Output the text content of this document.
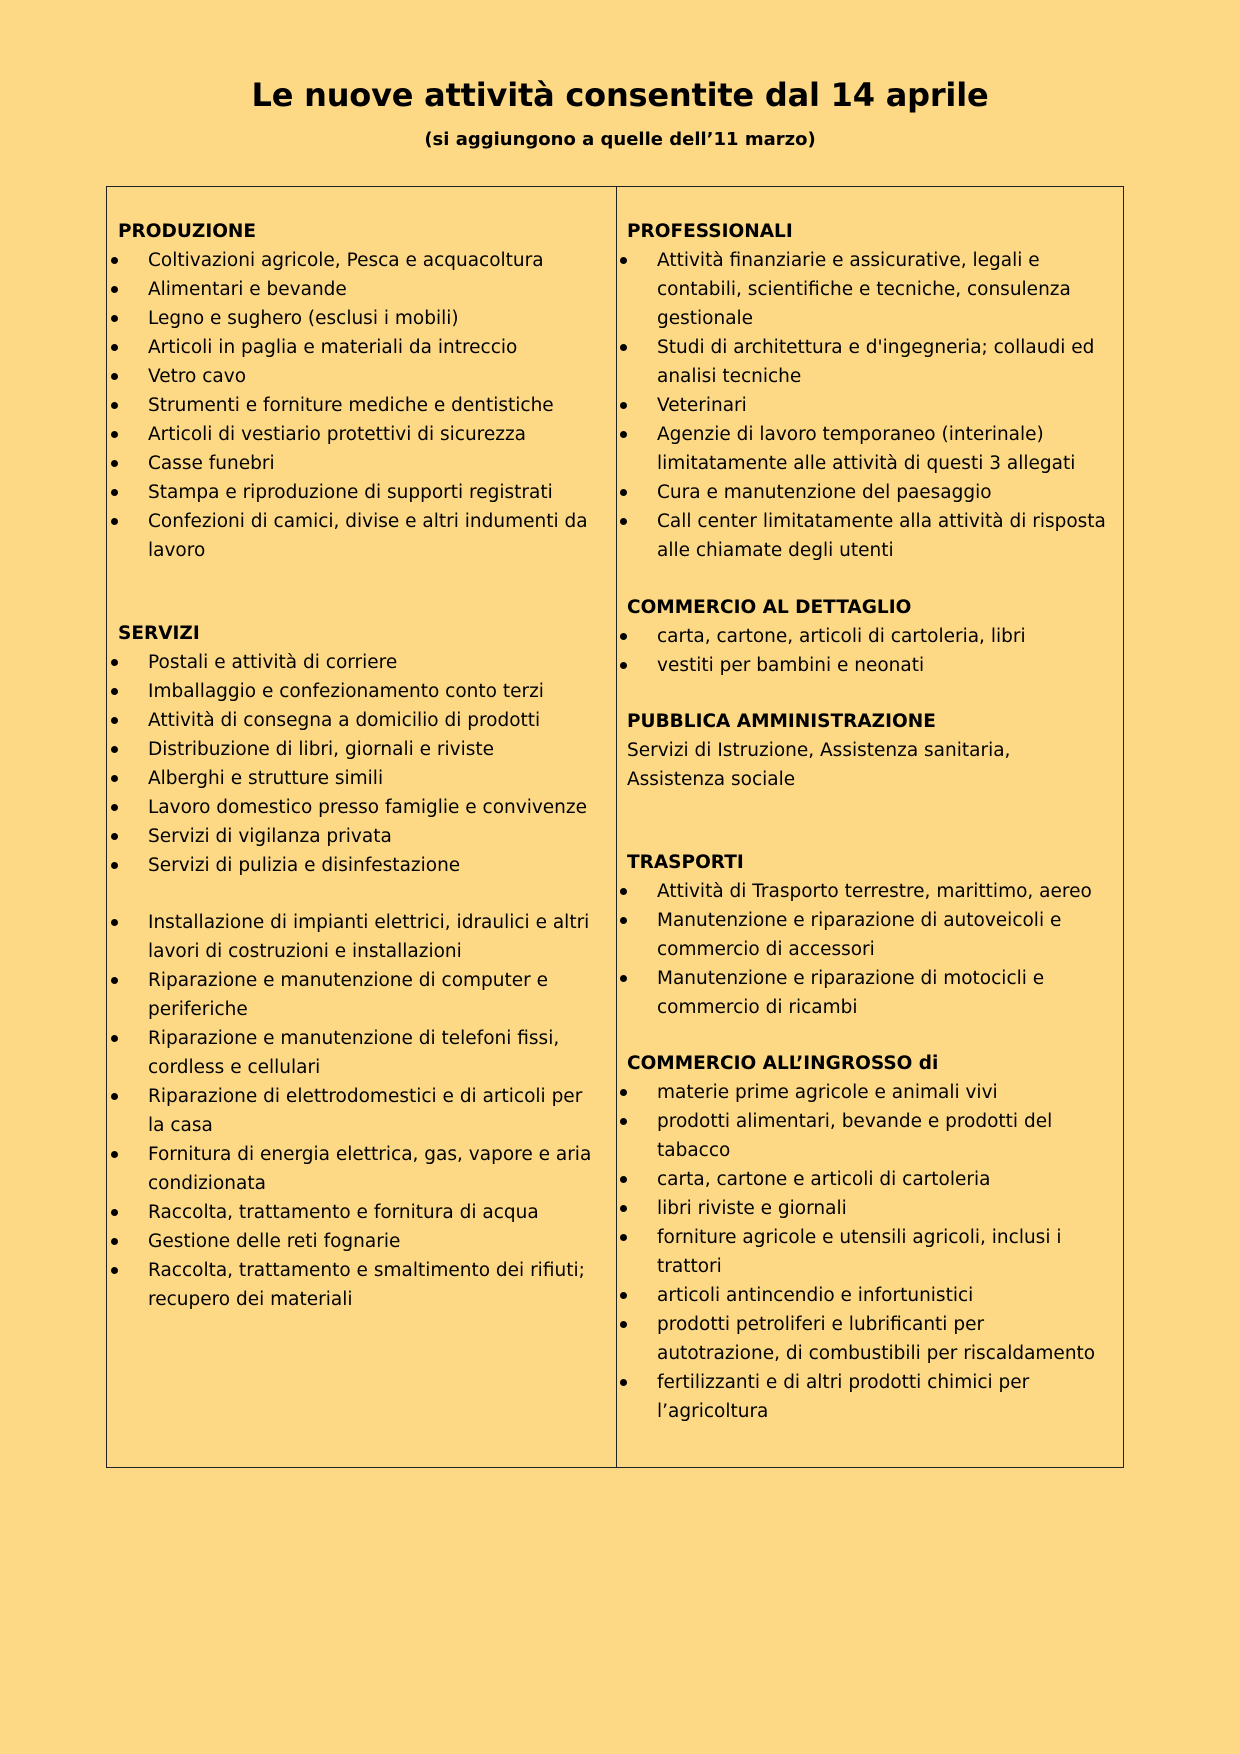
Le nuove attività consentite dal 14 aprile
(si aggiungono a quelle dell’11 marzo)
PRODUZIONE
Coltivazioni agricole, Pesca e acquacoltura
Alimentari e bevande
Legno e sughero (esclusi i mobili)
Articoli in paglia e materiali da intreccio
Vetro cavo
Strumenti e forniture mediche e dentistiche
Articoli di vestiario protettivi di sicurezza
Casse funebri
Stampa e riproduzione di supporti registrati
Confezioni di camici, divise e altri indumenti da lavoro
SERVIZI
Postali e attività di corriere
Imballaggio e confezionamento conto terzi
Attività di consegna a domicilio di prodotti
Distribuzione di libri, giornali e riviste
Alberghi e strutture simili
Lavoro domestico presso famiglie e convivenze
Servizi di vigilanza privata
Servizi di pulizia e disinfestazione
Installazione di impianti elettrici, idraulici e altri lavori di costruzioni e installazioni
Riparazione e manutenzione di computer e periferiche
Riparazione e manutenzione di telefoni fissi, cordless e cellulari
Riparazione di elettrodomestici e di articoli per la casa
Fornitura di energia elettrica, gas, vapore e aria condizionata
Raccolta, trattamento e fornitura di acqua
Gestione delle reti fognarie
Raccolta, trattamento e smaltimento dei rifiuti; recupero dei materiali
PROFESSIONALI
Attività finanziarie e assicurative, legali e contabili, scientifiche e tecniche, consulenza gestionale
Studi di architettura e d'ingegneria; collaudi ed analisi tecniche
Veterinari
Agenzie di lavoro temporaneo (interinale) limitatamente alle attività di questi 3 allegati
Cura e manutenzione del paesaggio
Call center limitatamente alla attività di risposta alle chiamate degli utenti
COMMERCIO AL DETTAGLIO
carta, cartone, articoli di cartoleria, libri
vestiti per bambini e neonati
PUBBLICA AMMINISTRAZIONE
Servizi di Istruzione, Assistenza sanitaria, Assistenza sociale
TRASPORTI
Attività di Trasporto terrestre, marittimo, aereo
Manutenzione e riparazione di autoveicoli e commercio di accessori
Manutenzione e riparazione di motocicli e commercio di ricambi
COMMERCIO ALL’INGROSSO di
materie prime agricole e animali vivi
prodotti alimentari, bevande e prodotti del tabacco
carta, cartone e articoli di cartoleria
libri riviste e giornali
forniture agricole e utensili agricoli, inclusi i trattori
articoli antincendio e infortunistici
prodotti petroliferi e lubrificanti per autotrazione, di combustibili per riscaldamento
fertilizzanti e di altri prodotti chimici per l’agricoltura
